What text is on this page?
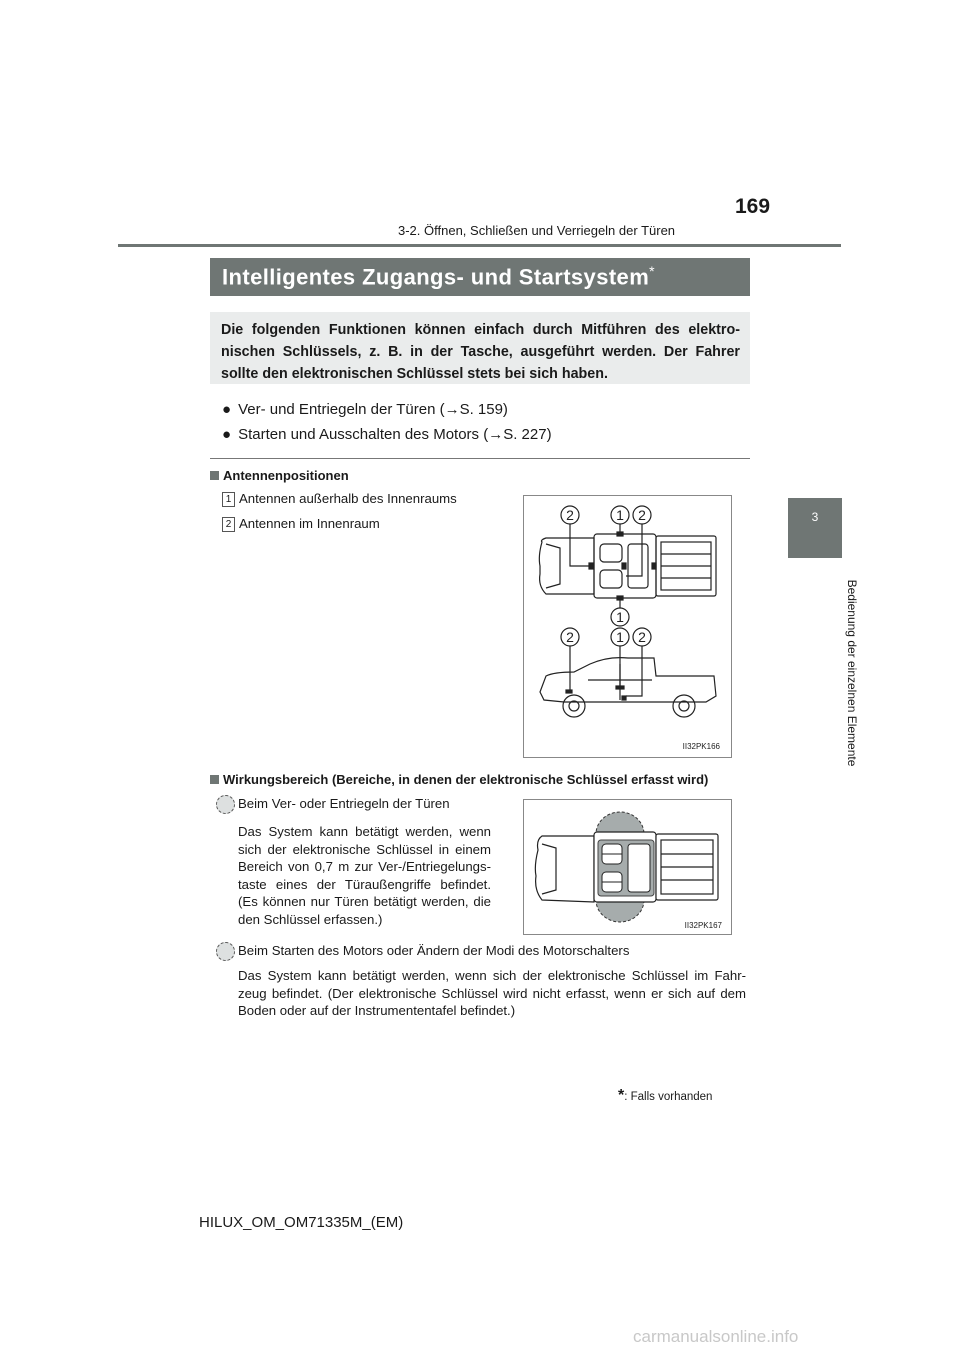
169
3-2. Öffnen, Schließen und Verriegeln der Türen
3
Bedienung der einzelnen Elemente
Intelligentes Zugangs- und Startsystem*
Die folgenden Funktionen können einfach durch Mitführen des elektro-nischen Schlüssels, z. B. in der Tasche, ausgeführt werden. Der Fahrer sollte den elektronischen Schlüssel stets bei sich haben.
● Ver- und Entriegeln der Türen (→S. 159)
● Starten und Ausschalten des Motors (→S. 227)
Antennenpositionen
1 Antennen außerhalb des Innenraums
2 Antennen im Innenraum
2	1 2
1
2	1 2
II32PK166
Wirkungsbereich (Bereiche, in denen der elektronische Schlüssel erfasst wird)
Beim Ver- oder Entriegeln der Türen
Das System kann betätigt werden, wenn sich der elektronische Schlüssel in einem Bereich von 0,7 m zur Ver-/Entriegelungs-taste eines der Türaußengriffe befindet. (Es können nur Türen betätigt werden, die den Schlüssel erfassen.)	II32PK167
Beim Starten des Motors oder Ändern der Modi des Motorschalters
Das System kann betätigt werden, wenn sich der elektronische Schlüssel im Fahr-zeug befindet. (Der elektronische Schlüssel wird nicht erfasst, wenn er sich auf dem Boden oder auf der Instrumententafel befindet.)
*: Falls vorhanden
HILUX_OM_OM71335M_(EM)
carmanualsonline.info
